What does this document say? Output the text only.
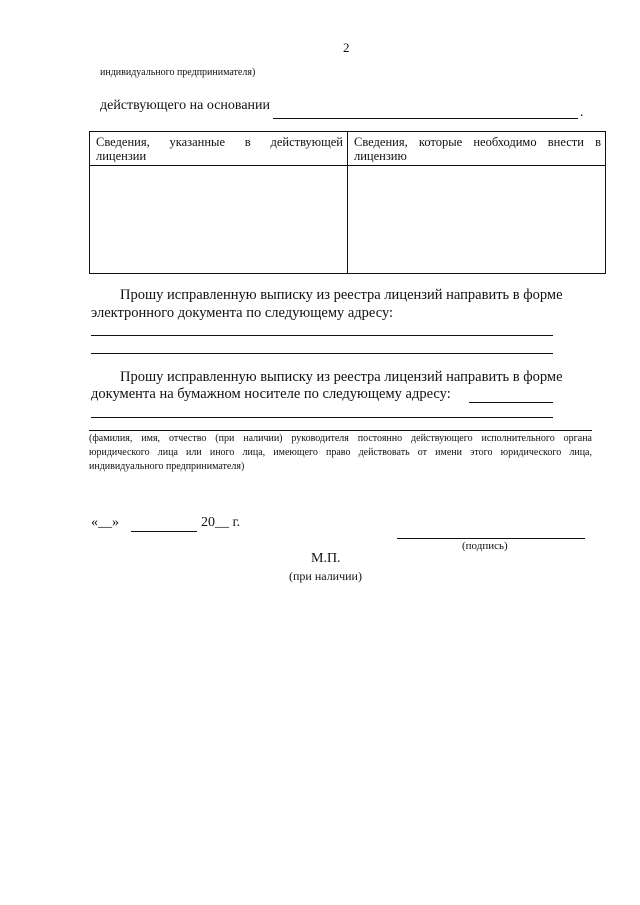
2
индивидуального предпринимателя)
действующего на основании	.
Сведения, указанные в действующей лицензии	Сведения, которые необходимо внести в лицензию

Прошу исправленную выписку из реестра лицензий направить в форме
электронного документа по следующему адресу:
Прошу исправленную выписку из реестра лицензий направить в форме
документа на бумажном носителе по следующему адресу:
(фамилия, имя, отчество (при наличии) руководителя постоянно действующего исполнительного органа юридического лица или иного лица, имеющего право действовать от имени этого юридического лица, индивидуального предпринимателя)
«__»	20__ г.
(подпись)
М.П.
(при наличии)
